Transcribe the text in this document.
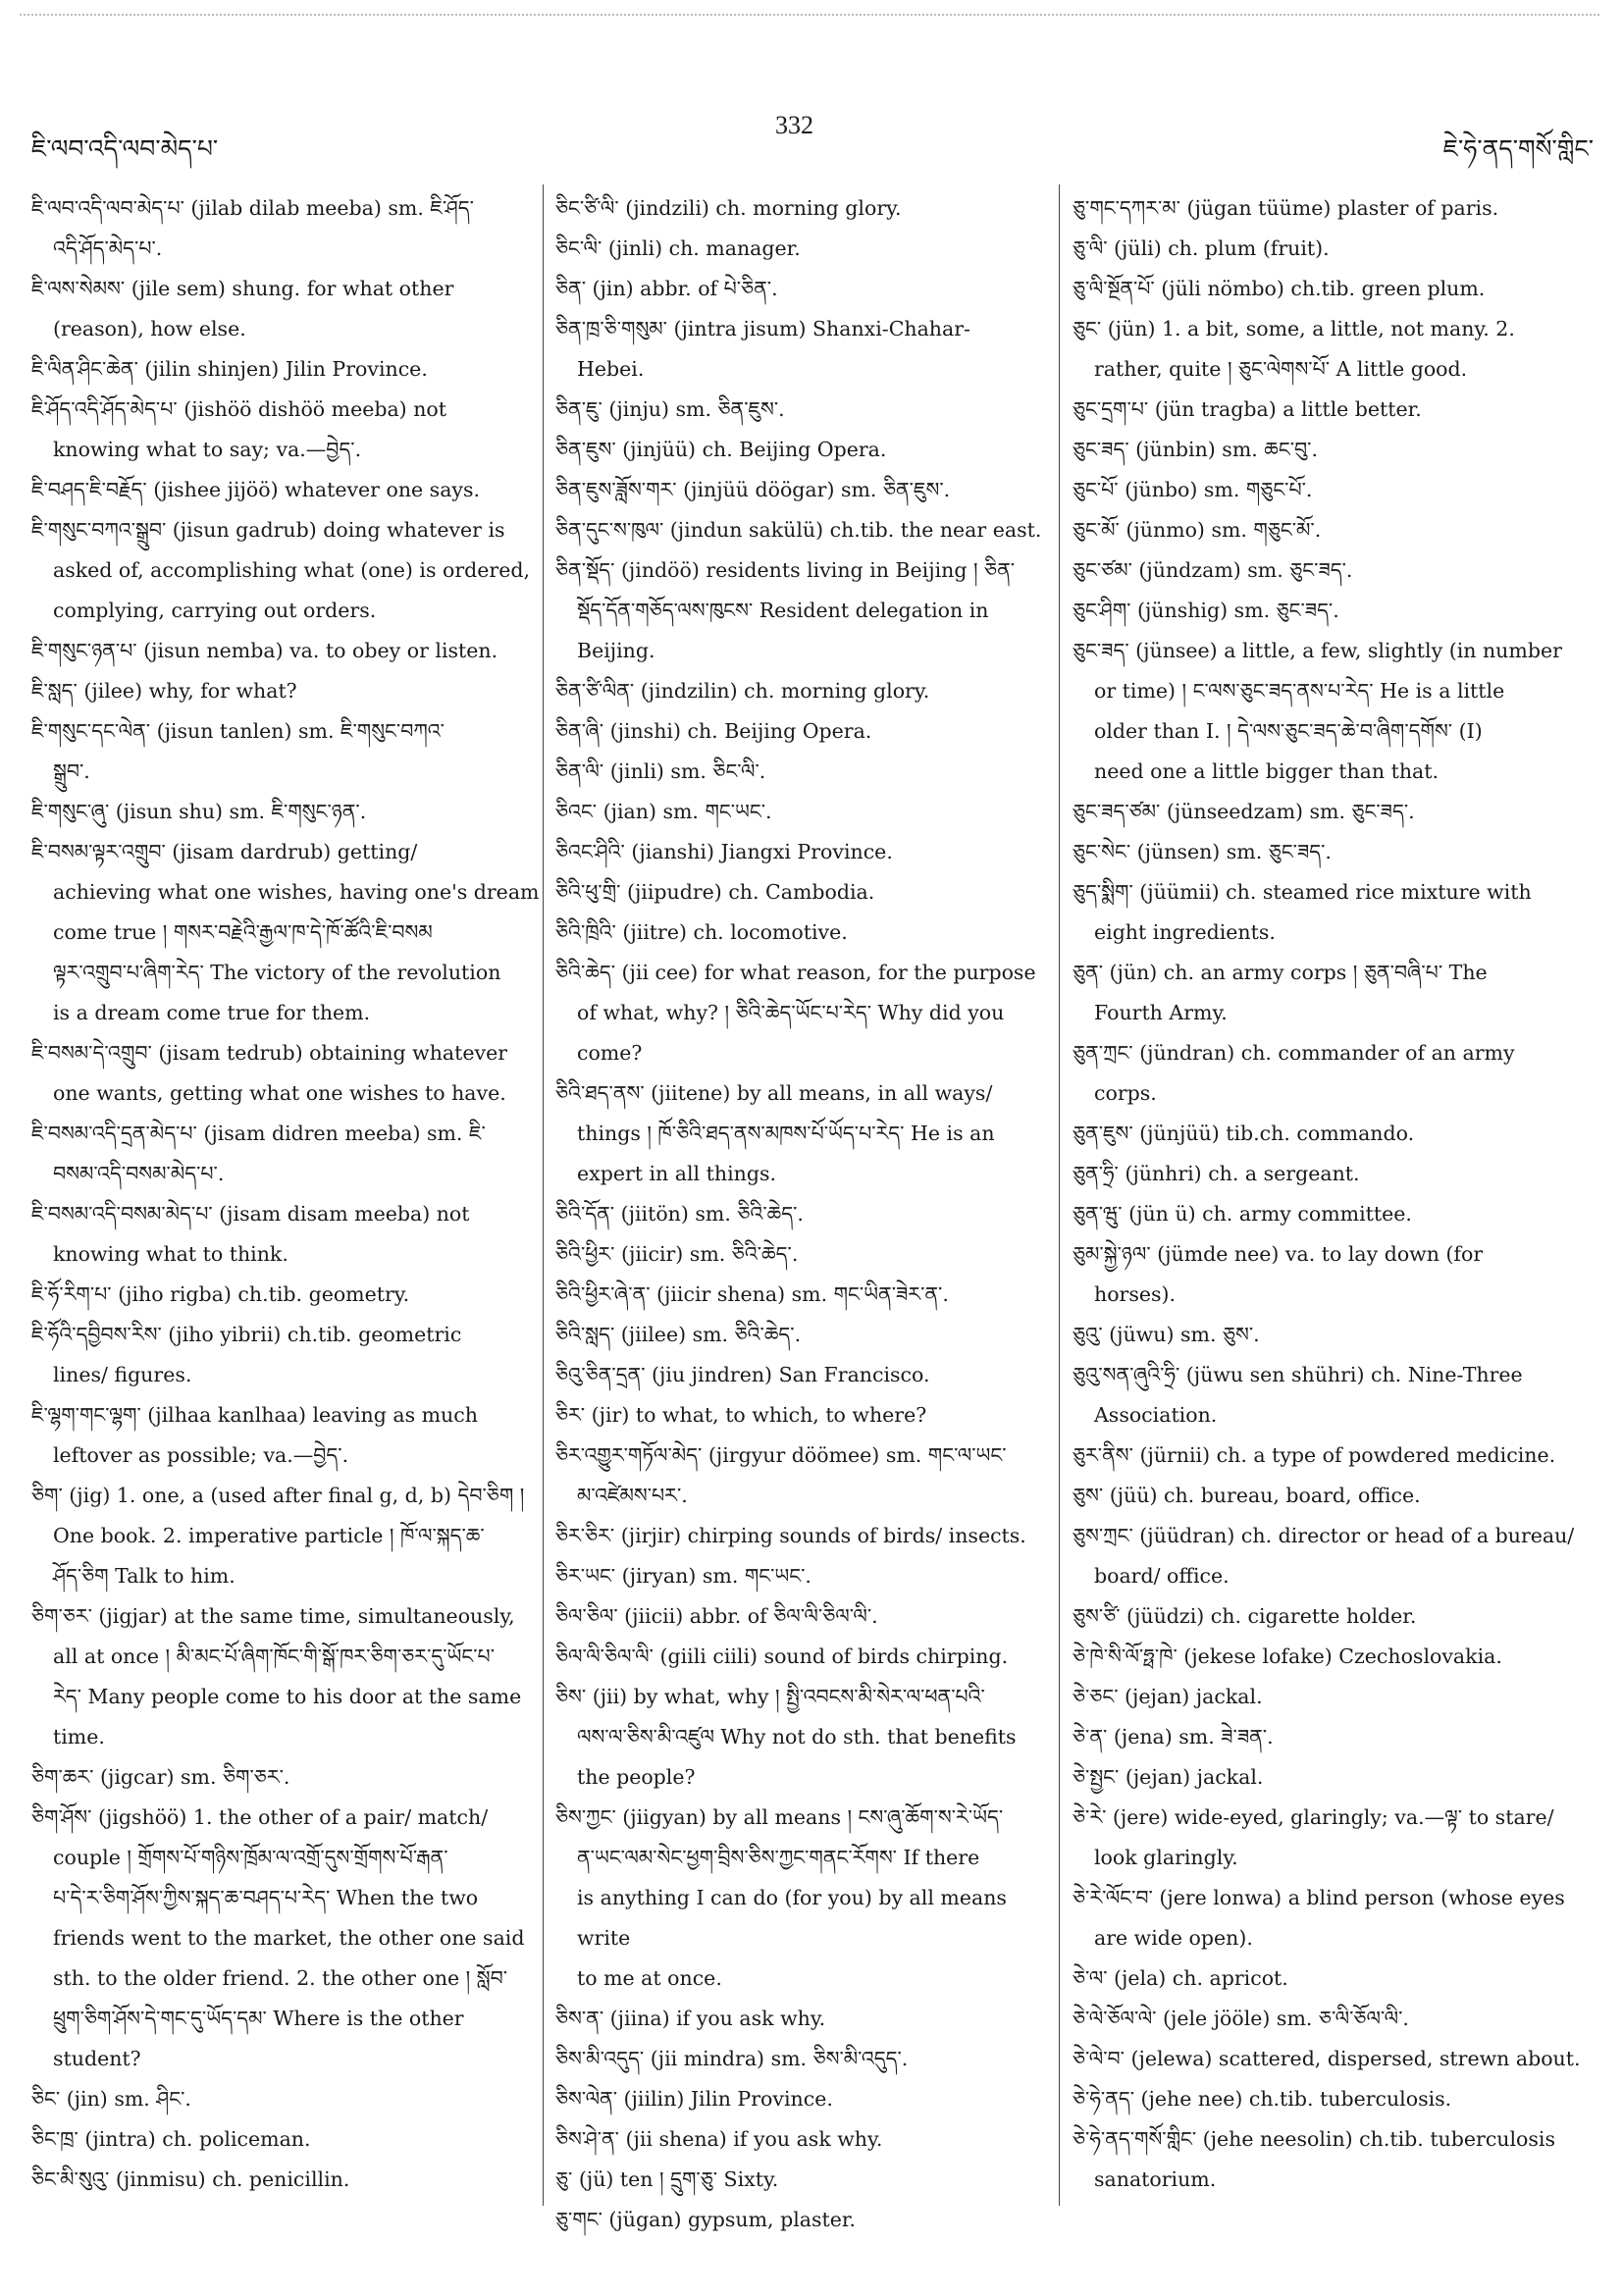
ཇི་ལབ་འདི་ལབ་མེད་པ་
332
ཇེ་ཧེ་ནད་གསོ་གླིང་

ཇི་ལབ་འདི་ལབ་མེད་པ་ (jilab dilab meeba) sm. ཇི་ཤོད་

འདི་ཤོད་མེད་པ་.

ཇི་ལས་སེམས་ (jile sem) shung. for what other

(reason), how else.

ཇི་ལིན་ཤིང་ཆེན་ (jilin shinjen) Jilin Province.

ཇི་ཤོད་འདི་ཤོད་མེད་པ་ (jishöö dishöö meeba) not

knowing what to say; va.—བྱེད་.

ཇི་བཤད་ཇི་བརྗོད་ (jishee jijöö) whatever one says.

ཇི་གསུང་བཀའ་སྒྲུབ་ (jisun gadrub) doing whatever is

asked of, accomplishing what (one) is ordered,

complying, carrying out orders.

ཇི་གསུང་ཉན་པ་ (jisun nemba) va. to obey or listen.

ཇི་སླད་ (jilee) why, for what?

ཇི་གསུང་དང་ལེན་ (jisun tanlen) sm. ཇི་གསུང་བཀའ་

སྒྲུབ་.

ཇི་གསུང་ཞུ་ (jisun shu) sm. ཇི་གསུང་ཉན་.

ཇི་བསམ་ལྟར་འགྲུབ་ (jisam dardrub) getting/

achieving what one wishes, having one's dream

come true ། གསར་བརྗེའི་རྒྱལ་ཁ་དེ་ཁོ་ཚོའི་ཇི་བསམ

ལྟར་འགྲུབ་པ་ཞིག་རེད་ The victory of the revolution

is a dream come true for them.

ཇི་བསམ་དེ་འགྲུབ་ (jisam tedrub) obtaining whatever

one wants, getting what one wishes to have.

ཇི་བསམ་འདི་དྲན་མེད་པ་ (jisam didren meeba) sm. ཇི་

བསམ་འདི་བསམ་མེད་པ་.

ཇི་བསམ་འདི་བསམ་མེད་པ་ (jisam disam meeba) not

knowing what to think.

ཇི་ཧོ་རིག་པ་ (jiho rigba) ch.tib. geometry.

ཇི་ཧོའི་དབྱིབས་རིས་ (jiho yibrii) ch.tib. geometric

lines/ figures.

ཇི་ལྷག་གང་ལྷག་ (jilhaa kanlhaa) leaving as much

leftover as possible; va.—བྱེད་.

ཅིག་ (jig) 1. one, a (used after final g, d, b) དེབ་ཅིག །

One book. 2. imperative particle ། ཁོ་ལ་སྐད་ཆ་

ཤོད་ཅིག Talk to him.

ཅིག་ཅར་ (jigjar) at the same time, simultaneously,

all at once ། མི་མང་པོ་ཞིག་ཁོང་གི་སྒོ་ཁར་ཅིག་ཅར་དུ་ཡོང་པ་

རེད་ Many people come to his door at the same

time.

ཅིག་ཆར་ (jigcar) sm. ཅིག་ཅར་.

ཅིག་ཤོས་ (jigshöö) 1. the other of a pair/ match/

couple ། གྲོགས་པོ་གཉིས་ཁྲོམ་ལ་འགྲོ་དུས་གྲོགས་པོ་རྒན་

པ་དེ་ར་ཅིག་ཤོས་ཀྱིས་སྐད་ཆ་བཤད་པ་རེད་ When the two

friends went to the market, the other one said

sth. to the older friend. 2. the other one ། སློབ་

ཕྲུག་ཅིག་ཤོས་དེ་གང་དུ་ཡོད་དམ་ Where is the other

student?

ཅིང་ (jin) sm. ཤིང་.

ཅིང་ཁྲ་ (jintra) ch. policeman.

ཅིང་མི་སུའུ་ (jinmisu) ch. penicillin.

ཅིང་ཙི་ལི་ (jindzili) ch. morning glory.

ཅིང་ལི་ (jinli) ch. manager.

ཅིན་ (jin) abbr. of པེ་ཅིན་.

ཅིན་ཁྲ་ཅི་གསུམ་ (jintra jisum) Shanxi-Chahar-

Hebei.

ཅིན་ཇུ་ (jinju) sm. ཅིན་ཇུས་.

ཅིན་ཇུས་ (jinjüü) ch. Beijing Opera.

ཅིན་ཇུས་ཟློས་གར་ (jinjüü döögar) sm. ཅིན་ཇུས་.

ཅིན་དུང་ས་ཁུལ་ (jindun sakülü) ch.tib. the near east.

ཅིན་སྡོད་ (jindöö) residents living in Beijing ། ཅིན་

སྡོད་དོན་གཅོད་ལས་ཁུངས་ Resident delegation in

Beijing.

ཅིན་ཙི་ལིན་ (jindzilin) ch. morning glory.

ཅིན་ཞི་ (jinshi) ch. Beijing Opera.

ཅིན་ལི་ (jinli) sm. ཅིང་ལི་.

ཅིའང་ (jian) sm. གང་ཡང་.

ཅིའང་ཤིའི་ (jianshi) Jiangxi Province.

ཅིའི་ཕུ་གྲི་ (jiipudre) ch. Cambodia.

ཅིའི་ཁྲིའི་ (jiitre) ch. locomotive.

ཅིའི་ཆེད་ (jii cee) for what reason, for the purpose

of what, why? ། ཅིའི་ཆེད་ཡོང་པ་རེད་ Why did you

come?

ཅིའི་ཐད་ནས་ (jiitene) by all means, in all ways/

things ། ཁོ་ཅིའི་ཐད་ནས་མཁས་པོ་ཡོད་པ་རེད་ He is an

expert in all things.

ཅིའི་དོན་ (jiitön) sm. ཅིའི་ཆེད་.

ཅིའི་ཕྱིར་ (jiicir) sm. ཅིའི་ཆེད་.

ཅིའི་ཕྱིར་ཞེ་ན་ (jiicir shena) sm. གང་ཡིན་ཟེར་ན་.

ཅིའི་སླད་ (jiilee) sm. ཅིའི་ཆེད་.

ཅིའུ་ཅིན་དྲན་ (jiu jindren) San Francisco.

ཅིར་ (jir) to what, to which, to where?

ཅིར་འགྱུར་གཏོལ་མེད་ (jirgyur döömee) sm. གང་ལ་ཡང་

མ་འཛེམས་པར་.

ཅིར་ཅིར་ (jirjir) chirping sounds of birds/ insects.

ཅིར་ཡང་ (jiryan) sm. གང་ཡང་.

ཅིལ་ཅིལ་ (jiicii) abbr. of ཅིལ་ལི་ཅིལ་ལི་.

ཅིལ་ལི་ཅིལ་ལི་ (giili ciili) sound of birds chirping.

ཅིས་ (jii) by what, why ། སྤྱི་འབངས་མི་སེར་ལ་ཕན་པའི་

ལས་ལ་ཅིས་མི་འཛུལ Why not do sth. that benefits

the people?

ཅིས་ཀྱང་ (jiigyan) by all means ། ངས་ཞུ་ཆོག་ས་རེ་ཡོད་

ན་ཡང་ལམ་སེང་ཕྱག་བྲིས་ཅིས་ཀྱང་གནང་རོགས་ If there

is anything I can do (for you) by all means write

to me at once.

ཅིས་ན་ (jiina) if you ask why.

ཅིས་མི་འདུད་ (jii mindra) sm. ཅིས་མི་འདུད་.

ཅིས་ལེན་ (jiilin) Jilin Province.

ཅིས་ཤེ་ན་ (jii shena) if you ask why.

ཅུ་ (jü) ten ། དྲུག་ཅུ་ Sixty.

ཅུ་གང་ (jügan) gypsum, plaster.

ཅུ་གང་དཀར་མ་ (jügan tüüme) plaster of paris.

ཅུ་ལི་ (jüli) ch. plum (fruit).

ཅུ་ལི་སྔོན་པོ་ (jüli nömbo) ch.tib. green plum.

ཅུང་ (jün) 1. a bit, some, a little, not many. 2.

rather, quite ། ཅུང་ལེགས་པོ་ A little good.

ཅུང་དྲག་པ་ (jün tragba) a little better.

ཅུང་ཟད་ (jünbin) sm. ཆང་བུ་.

ཅུང་པོ་ (jünbo) sm. གཅུང་པོ་.

ཅུང་མོ་ (jünmo) sm. གཅུང་མོ་.

ཅུང་ཙམ་ (jündzam) sm. ཅུང་ཟད་.

ཅུང་ཤིག་ (jünshig) sm. ཅུང་ཟད་.

ཅུང་ཟད་ (jünsee) a little, a few, slightly (in number

or time) ། ང་ལས་ཅུང་ཟད་ནས་པ་རེད་ He is a little

older than I. ། དེ་ལས་ཅུང་ཟད་ཆེ་བ་ཞིག་དགོས་ (I)

need one a little bigger than that.

ཅུང་ཟད་ཙམ་ (jünseedzam) sm. ཅུང་ཟད་.

ཅུང་སེང་ (jünsen) sm. ཅུང་ཟད་.

ཅུད་སྨིག་ (jüümii) ch. steamed rice mixture with

eight ingredients.

ཅུན་ (jün) ch. an army corps ། ཅུན་བཞི་པ་ The

Fourth Army.

ཅུན་ཀྲང་ (jündran) ch. commander of an army

corps.

ཅུན་ཇུས་ (jünjüü) tib.ch. commando.

ཅུན་ཧྲི་ (jünhri) ch. a sergeant.

ཅུན་ཝུ་ (jün ü) ch. army committee.

ཅུམ་སྐྱེ་ཉལ་ (jümde nee) va. to lay down (for

horses).

ཅུའུ་ (jüwu) sm. ཅུས་.

ཅུའུ་སན་ཞུའི་ཧྲི་ (jüwu sen shühri) ch. Nine-Three

Association.

ཅུར་ནིས་ (jürnii) ch. a type of powdered medicine.

ཅུས་ (jüü) ch. bureau, board, office.

ཅུས་ཀྲང་ (jüüdran) ch. director or head of a bureau/

board/ office.

ཅུས་ཙི་ (jüüdzi) ch. cigarette holder.

ཅེ་ཁེ་སི་ལོ་ཧྥ་ཁེ་ (jekese lofake) Czechoslovakia.

ཅེ་ཅང་ (jejan) jackal.

ཅེ་ན་ (jena) sm. ཟེ་ཟན་.

ཅེ་སྤྱང་ (jejan) jackal.

ཅེ་རེ་ (jere) wide-eyed, glaringly; va.—ལྟ་ to stare/

look glaringly.

ཅེ་རེ་ལོང་བ་ (jere lonwa) a blind person (whose eyes

are wide open).

ཅེ་ལ་ (jela) ch. apricot.

ཅེ་ལེ་ཅོལ་ལེ་ (jele jööle) sm. ཅ་ལི་ཅོལ་ལི་.

ཅེ་ལེ་བ་ (jelewa) scattered, dispersed, strewn about.

ཅེ་ཧེ་ནད་ (jehe nee) ch.tib. tuberculosis.

ཅེ་ཧེ་ནད་གསོ་གླིང་ (jehe neesolin) ch.tib. tuberculosis

sanatorium.
